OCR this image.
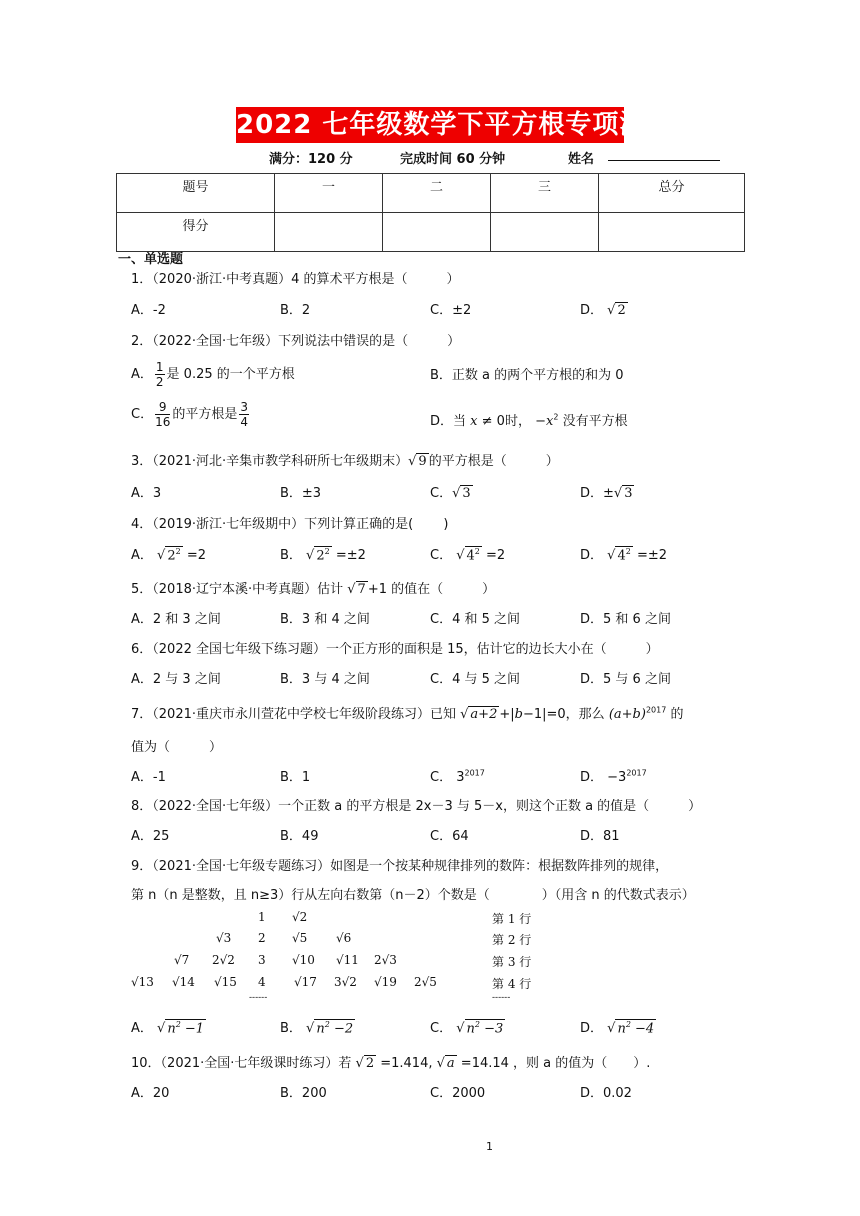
2022 七年级数学下平方根专项测试卷
满分：120 分	完成时间 60 分钟	姓名
题号	一	二	三	总分
得分				
一、单选题
1．（2020·浙江·中考真题）4 的算术平方根是（　　　）
A．-2	B．2	C．±2	D． √ 2
2．（2022·全国·七年级）下列说法中错误的是（　　　）
A． $\frac{1}{2}$ 是 0.25 的一个平方根	B．正数 a 的两个平方根的和为 0
C． $\frac{9}{16}$ 的平方根是 $\frac{3}{4}$	D．当 x ≠ 0时， $-x^2$ 没有平方根
3．（2021·河北·辛集市教学科研所七年级期末）√ 9 的平方根是（　　　）
A．3	B．±3	C．√ 3	D．±√ 3
4．（2019·浙江·七年级期中）下列计算正确的是(　　 )
A． √ $2^2 =2$	B． √ $2^2 =\pm 2$	C． √ $4^2 =2$	D． √ $4^2 =\pm 2$
5．（2018·辽宁本溪·中考真题）估计 √ 7 +1 的值在（　　　）
A．2 和 3 之间	B．3 和 4 之间	C．4 和 5 之间	D．5 和 6 之间
6．（2022 全国七年级下练习题）一个正方形的面积是 15，估计它的边长大小在（　　　）
A．2 与 3 之间	B．3 与 4 之间	C．4 与 5 之间	D．5 与 6 之间
7．（2021·重庆市永川萱花中学校七年级阶段练习）已知 √ a+2 +|b−1|=0，那么 $(a+b)^{2017}$ 的
值为（　　　）
A．-1	B．1	C． $3^{2017}$	D． $-3^{2017}$
8．（2022·全国·七年级）一个正数 a 的平方根是 2x－3 与 5－x，则这个正数 a 的值是（　　　）
A．25	B．49	C．64	D．81
9．（2021·全国·七年级专题练习）如图是一个按某种规律排列的数阵：根据数阵排列的规律，
第 n（n 是整数，且 n≥3）行从左向右数第（n－2）个数是（　　　　）（用含 n 的代数式表示）
1 √2
√3 2 √5 √6
√7 2√2 3 √10 √11 2√3
√13 √14 √15 4 √17 3√2 √19 2√5
------
第 1 行
第 2 行
第 3 行
第 4 行
------
A． √ $n^2 -1$	B． √ $n^2 -2$	C． √ $n^2 -3$	D． √ $n^2 -4$
10．（2021·全国·七年级课时练习）若 √ 2 =1.414, √ a =14.14 ，则 a 的值为（　　）.
A．20	B．200	C．2000	D．0.02
1
